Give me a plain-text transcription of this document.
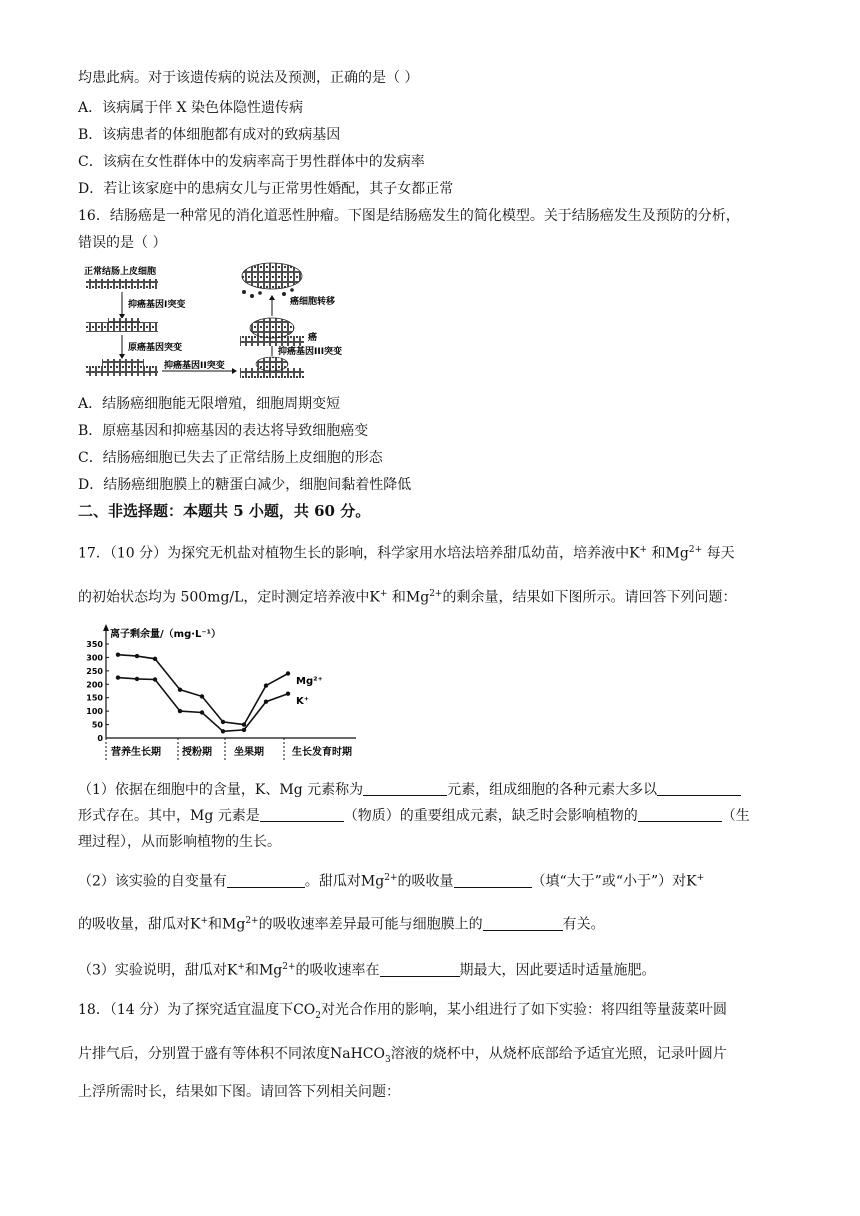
均患此病。对于该遗传病的说法及预测，正确的是（ ）
A．该病属于伴 X 染色体隐性遗传病
B．该病患者的体细胞都有成对的致病基因
C．该病在女性群体中的发病率高于男性群体中的发病率
D．若让该家庭中的患病女儿与正常男性婚配，其子女都正常
16．结肠癌是一种常见的消化道恶性肿瘤。下图是结肠癌发生的简化模型。关于结肠癌发生及预防的分析，
错误的是（ ）
正常结肠上皮细胞
抑癌基因I突变
原癌基因突变
抑癌基因II突变
抑癌基因III突变
癌
癌细胞转移
A．结肠癌细胞能无限增殖，细胞周期变短
B．原癌基因和抑癌基因的表达将导致细胞癌变
C．结肠癌细胞已失去了正常结肠上皮细胞的形态
D．结肠癌细胞膜上的糖蛋白减少，细胞间黏着性降低
二、非选择题：本题共 5 小题，共 60 分。
17．（10 分）为探究无机盐对植物生长的影响，科学家用水培法培养甜瓜幼苗，培养液中K+ 和$Mg^{2+}$ 每天
的初始状态均为 500mg/L，定时测定培养液中K+ 和$Mg^{2+}$的剩余量，结果如下图所示。请回答下列问题：
离子剩余量/（mg·L⁻¹）
0
50
100
150
200
250
300
350
营养生长期 授粉期 坐果期	生长发育时期
Mg²⁺
K⁺
（1）依据在细胞中的含量，K、Mg 元素称为	元素，组成细胞的各种元素大多以
形式存在。其中，Mg 元素是	（物质）的重要组成元素，缺乏时会影响植物的	（生
理过程），从而影响植物的生长。
（2）该实验的自变量有	。甜瓜对$Mg^{2+}$的吸收量	（填“大于”或“小于”）对K+
的吸收量，甜瓜对K+和$Mg^{2+}$的吸收速率差异最可能与细胞膜上的	有关。
（3）实验说明，甜瓜对K+和$Mg^{2+}$的吸收速率在	期最大，因此要适时适量施肥。
18．（14 分）为了探究适宜温度下$CO_2$对光合作用的影响，某小组进行了如下实验：将四组等量菠菜叶圆
片排气后，分别置于盛有等体积不同浓度NaHCO$_3$溶液的烧杯中，从烧杯底部给予适宜光照，记录叶圆片
上浮所需时长，结果如下图。请回答下列相关问题：
